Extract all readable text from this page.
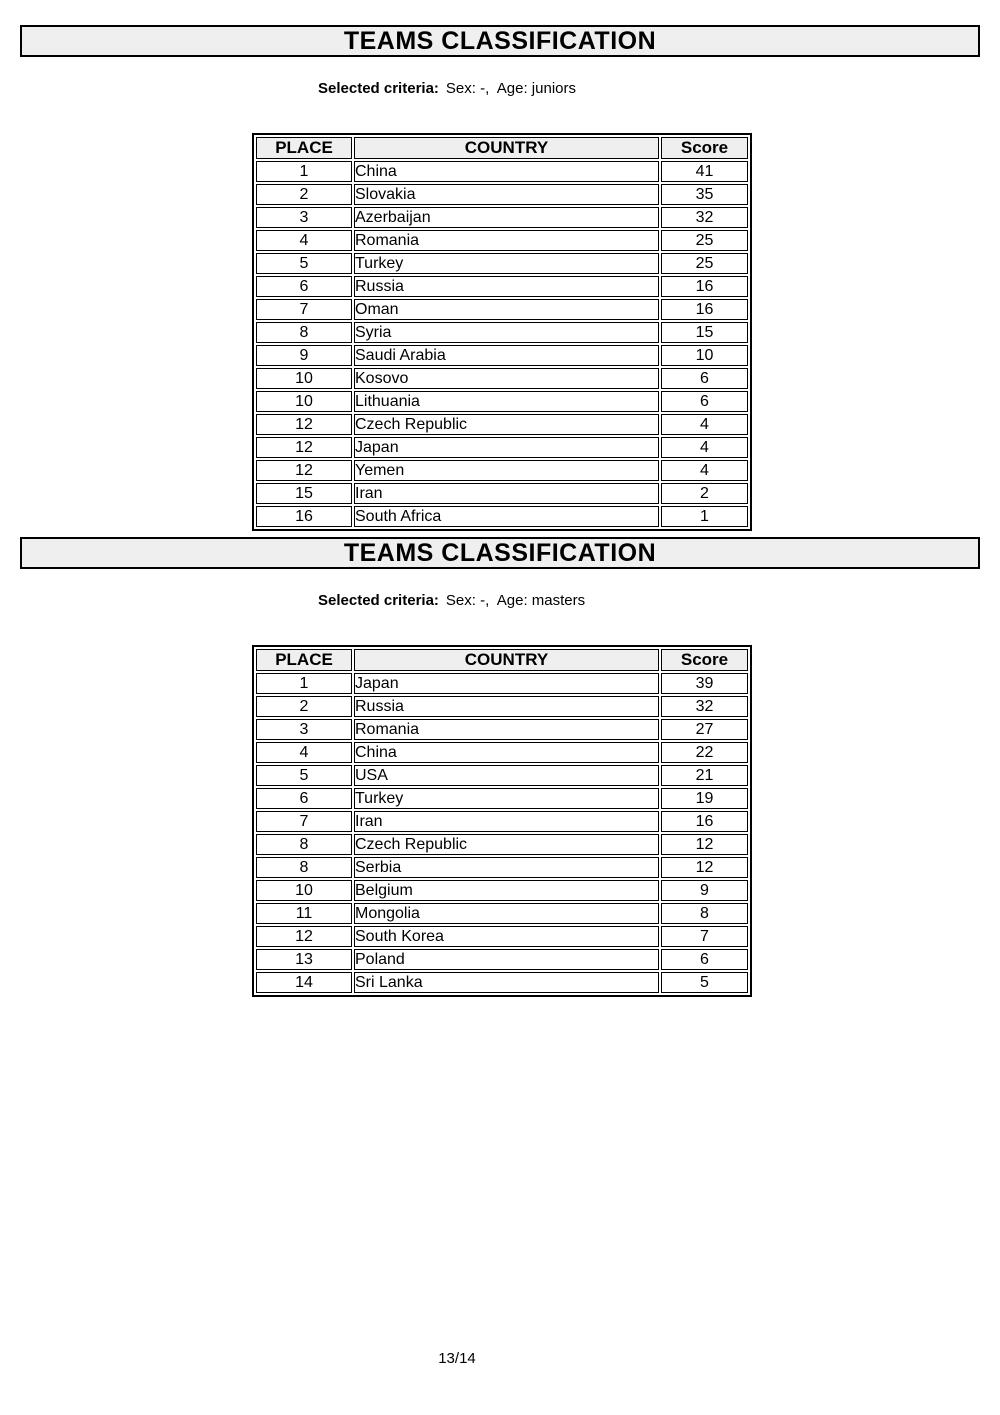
TEAMS CLASSIFICATION

Selected criteria: Sex: -,  Age: juniors

PLACE	COUNTRY	Score
1	China	41
2	Slovakia	35
3	Azerbaijan	32
4	Romania	25
5	Turkey	25
6	Russia	16
7	Oman	16
8	Syria	15
9	Saudi Arabia	10
10	Kosovo	6
10	Lithuania	6
12	Czech Republic	4
12	Japan	4
12	Yemen	4
15	Iran	2
16	South Africa	1
TEAMS CLASSIFICATION

Selected criteria: Sex: -,  Age: masters

PLACE	COUNTRY	Score
1	Japan	39
2	Russia	32
3	Romania	27
4	China	22
5	USA	21
6	Turkey	19
7	Iran	16
8	Czech Republic	12
8	Serbia	12
10	Belgium	9
11	Mongolia	8
12	South Korea	7
13	Poland	6
14	Sri Lanka	5
13/14
